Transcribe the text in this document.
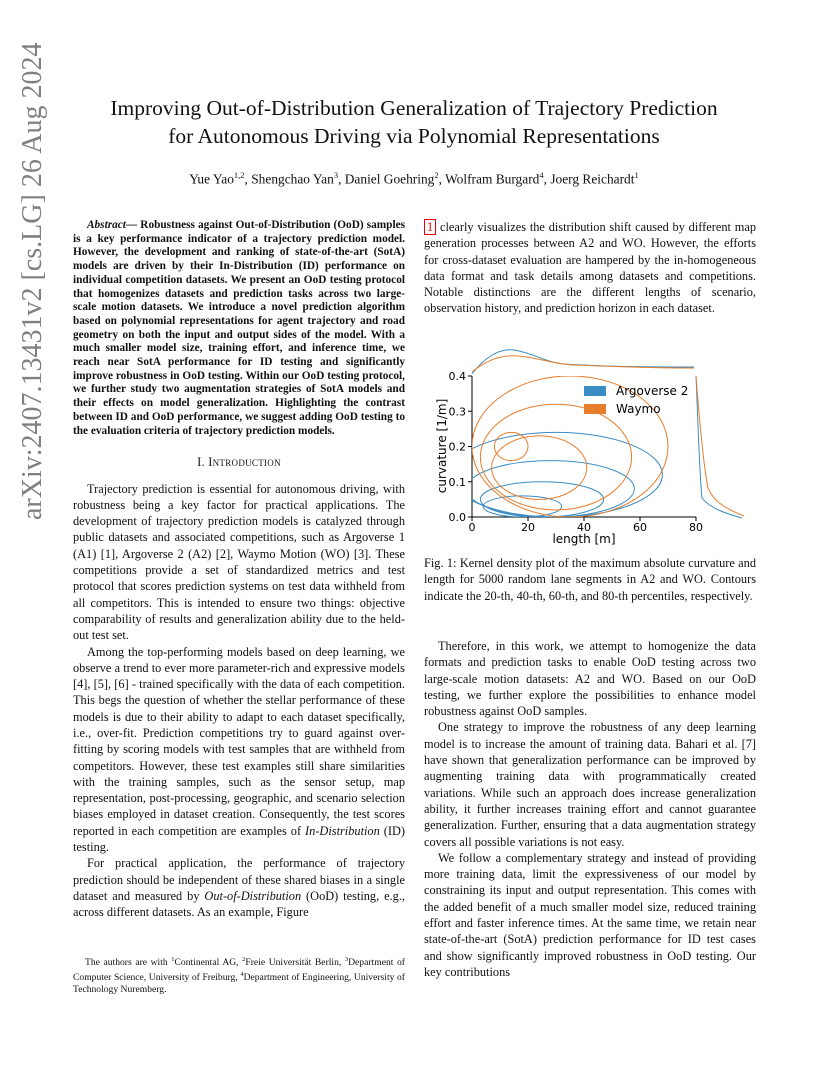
arXiv:2407.13431v2 [cs.LG] 26 Aug 2024	Improving Out-of-Distribution Generalization of Trajectory Prediction
for Autonomous Driving via Polynomial Representations
Yue Yao$^{1,2}$, Shengchao Yan$^3$, Daniel Goehring$^2$, Wolfram Burgard$^4$, Joerg Reichardt$^1$

Abstract— Robustness against Out-of-Distribution (OoD) samples is a key performance indicator of a trajectory prediction model. However, the development and ranking of state-of-the-art (SotA) models are driven by their In-Distribution (ID) performance on individual competition datasets. We present an OoD testing protocol that homogenizes datasets and prediction tasks across two large-scale motion datasets. We introduce a novel prediction algorithm based on polynomial representations for agent trajectory and road geometry on both the input and output sides of the model. With a much smaller model size, training effort, and inference time, we reach near SotA performance for ID testing and significantly improve robustness in OoD testing. Within our OoD testing protocol, we further study two augmentation strategies of SotA models and their effects on model generalization. Highlighting the contrast between ID and OoD performance, we suggest adding OoD testing to the evaluation criteria of trajectory prediction models.

I. Introduction

Trajectory prediction is essential for autonomous driving, with robustness being a key factor for practical applications. The development of trajectory prediction models is catalyzed through public datasets and associated competitions, such as Argoverse 1 (A1) [1], Argoverse 2 (A2) [2], Waymo Motion (WO) [3]. These competitions provide a set of standardized metrics and test protocol that scores prediction systems on test data withheld from all competitors. This is intended to ensure two things: objective comparability of results and generalization ability due to the held-out test set.

Among the top-performing models based on deep learning, we observe a trend to ever more parameter-rich and expressive models [4], [5], [6] - trained specifically with the data of each competition. This begs the question of whether the stellar performance of these models is due to their ability to adapt to each dataset specifically, i.e., over-fit. Prediction competitions try to guard against over-fitting by scoring models with test samples that are withheld from competitors. However, these test examples still share similarities with the training samples, such as the sensor setup, map representation, post-processing, geographic, and scenario selection biases employed in dataset creation. Consequently, the test scores reported in each competition are examples of In-Distribution (ID) testing.

For practical application, the performance of trajectory prediction should be independent of these shared biases in a single dataset and measured by Out-of-Distribution (OoD) testing, e.g., across different datasets. As an example, Figure

The authors are with $^1$Continental AG, $^2$Freie Universität Berlin, $^3$Department of Computer Science, University of Freiburg, $^4$Department of Engineering, University of Technology Nuremberg.

1 clearly visualizes the distribution shift caused by different map generation processes between A2 and WO. However, the efforts for cross-dataset evaluation are hampered by the in-homogeneous data format and task details among datasets and competitions. Notable distinctions are the different lengths of scenario, observation history, and prediction horizon in each dataset.

0	20	40	60	80
0.0
0.1
0.2
0.3
0.4
Argoverse 2
Waymo
length [m]
curvature [1/m]

Fig. 1: Kernel density plot of the maximum absolute curvature and length for 5000 random lane segments in A2 and WO. Contours indicate the 20-th, 40-th, 60-th, and 80-th percentiles, respectively.

Therefore, in this work, we attempt to homogenize the data formats and prediction tasks to enable OoD testing across two large-scale motion datasets: A2 and WO. Based on our OoD testing, we further explore the possibilities to enhance model robustness against OoD samples.

One strategy to improve the robustness of any deep learning model is to increase the amount of training data. Bahari et al. [7] have shown that generalization performance can be improved by augmenting training data with programmatically created variations. While such an approach does increase generalization ability, it further increases training effort and cannot guarantee generalization. Further, ensuring that a data augmentation strategy covers all possible variations is not easy.

We follow a complementary strategy and instead of providing more training data, limit the expressiveness of our model by constraining its input and output representation. This comes with the added benefit of a much smaller model size, reduced training effort and faster inference times. At the same time, we retain near state-of-the-art (SotA) prediction performance for ID test cases and show significantly improved robustness in OoD testing. Our key contributions
